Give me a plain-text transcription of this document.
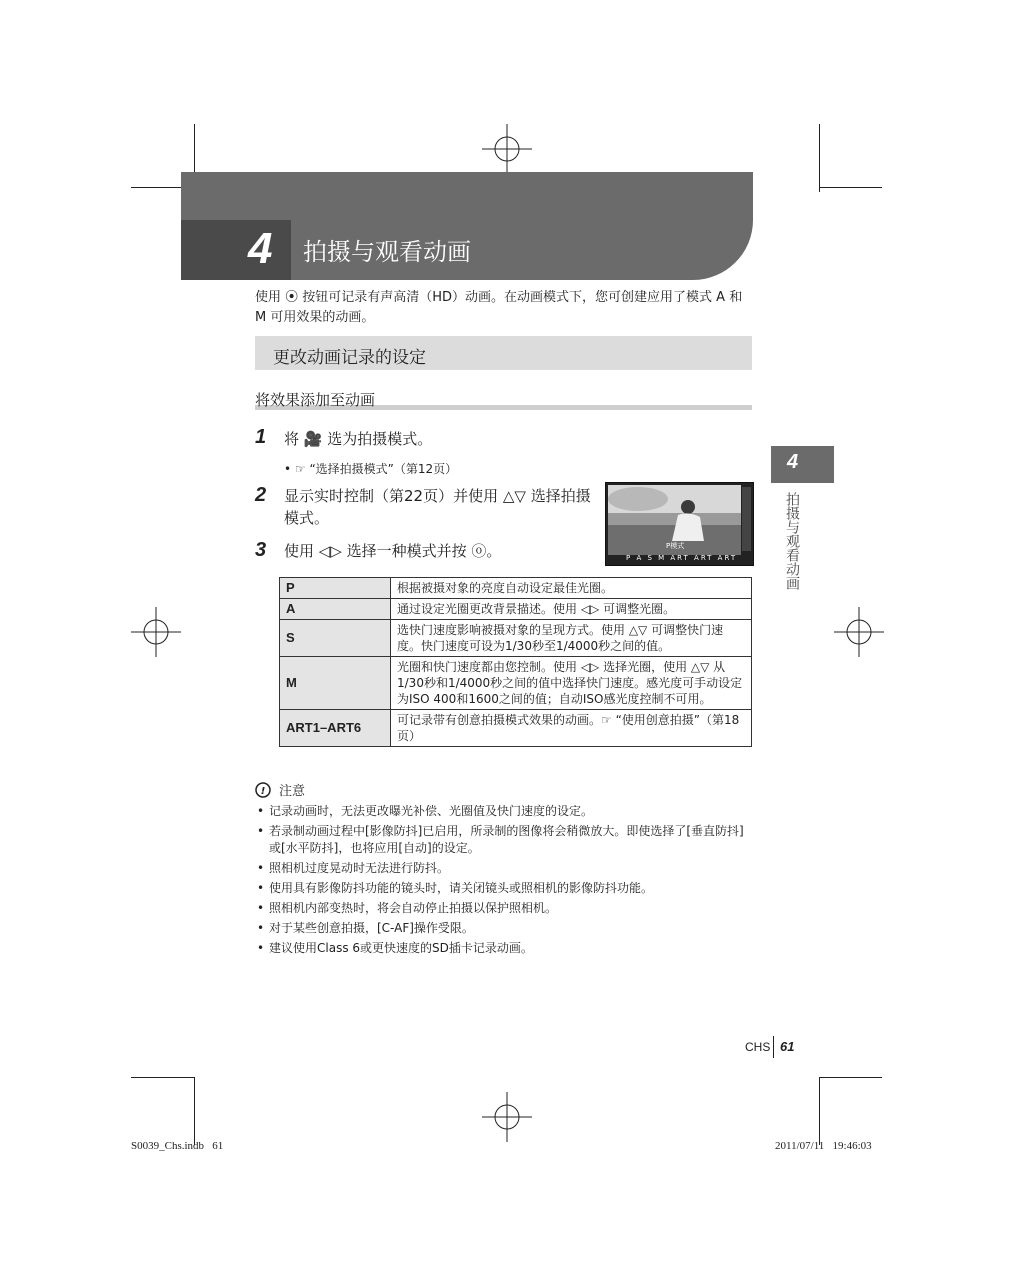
4 拍摄与观看动画
使用 ⦿ 按钮可记录有声高清（HD）动画。在动画模式下，您可创建应用了模式 A 和 M 可用效果的动画。
更改动画记录的设定
将效果添加至动画
1 将 🎥 选为拍摄模式。
• ☞ “选择拍摄模式”（第12页）
2 显示实时控制（第22页）并使用 △▽ 选择拍摄模式。
3 使用 ◁▷ 选择一种模式并按 ⓞ。	P模式
P A S M ART ART ART
P	根据被摄对象的亮度自动设定最佳光圈。
A	通过设定光圈更改背景描述。使用 ◁▷ 可调整光圈。
S	选快门速度影响被摄对象的呈现方式。使用 △▽ 可调整快门速度。快门速度可设为1/30秒至1/4000秒之间的值。
M	光圈和快门速度都由您控制。使用 ◁▷ 选择光圈，使用 △▽ 从1/30秒和1/4000秒之间的值中选择快门速度。感光度可手动设定为ISO 400和1600之间的值；自动ISO感光度控制不可用。
ART1–ART6	可记录带有创意拍摄模式效果的动画。☞ “使用创意拍摄”（第18页）
! 注意
• 记录动画时，无法更改曝光补偿、光圈值及快门速度的设定。
• 若录制动画过程中[影像防抖]已启用，所录制的图像将会稍微放大。即使选择了[垂直防抖]或[水平防抖]，也将应用[自动]的设定。
• 照相机过度晃动时无法进行防抖。
• 使用具有影像防抖功能的镜头时，请关闭镜头或照相机的影像防抖功能。
• 照相机内部变热时，将会自动停止拍摄以保护照相机。
• 对于某些创意拍摄，[C-AF]操作受限。
• 建议使用Class 6或更快速度的SD插卡记录动画。
4
拍摄与观看动画
CHS 61
S0039_Chs.indb   61	2011/07/11   19:46:03
